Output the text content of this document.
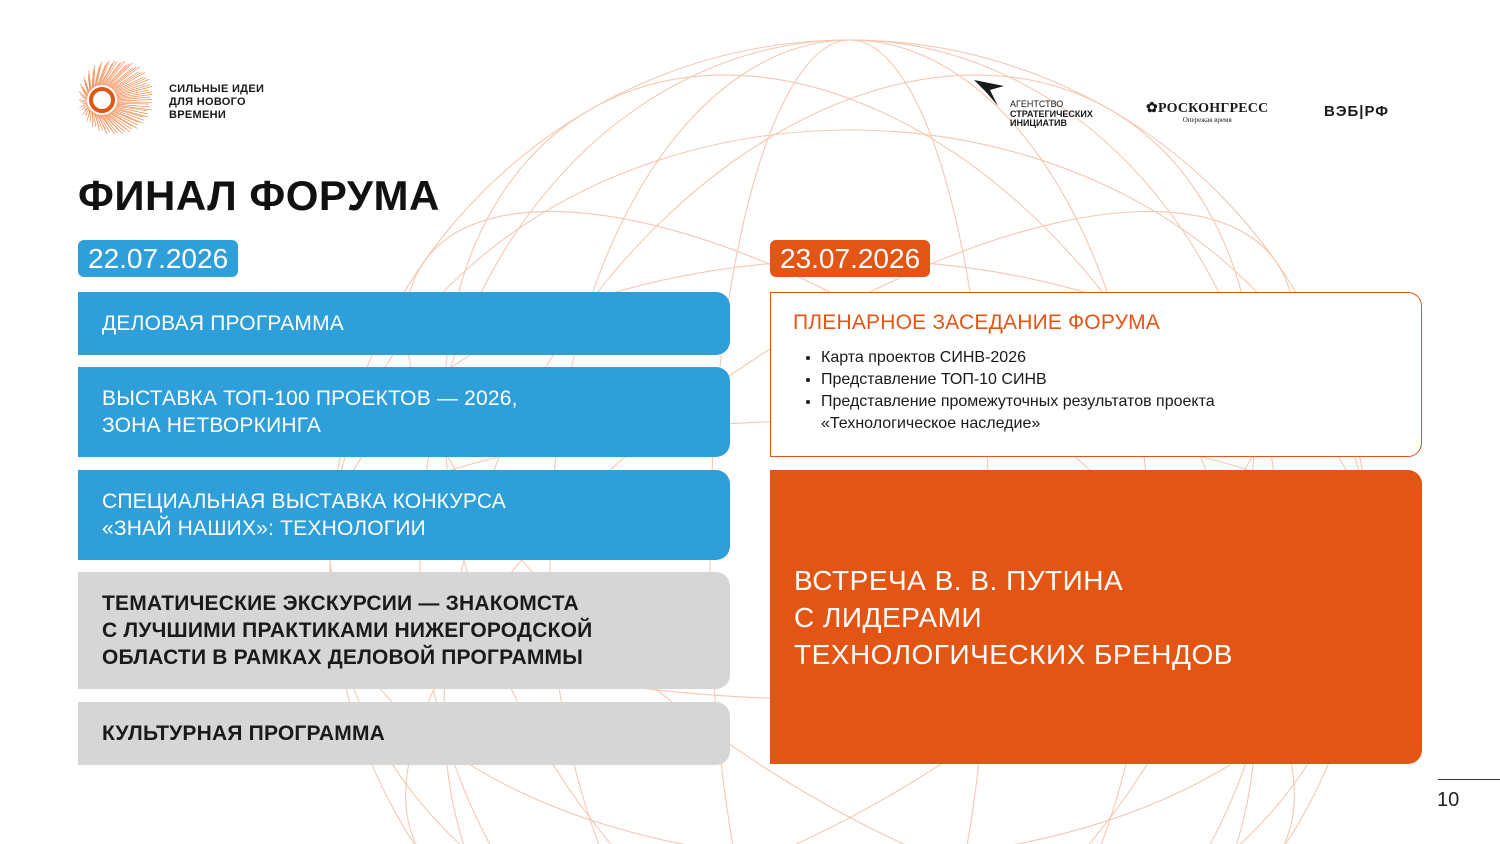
СИЛЬНЫЕ ИДЕИ
ДЛЯ НОВОГО
ВРЕМЕНИ
АГЕНТСТВО
СТРАТЕГИЧЕСКИХ
ИНИЦИАТИВ
✿РОСКОНГРЕСС
Опережая время	ВЭБ|РФ
ФИНАЛ ФОРУМА
22.07.2026	23.07.2026
ДЕЛОВАЯ ПРОГРАММА
ВЫСТАВКА ТОП-100 ПРОЕКТОВ — 2026,
ЗОНА НЕТВОРКИНГА
СПЕЦИАЛЬНАЯ ВЫСТАВКА КОНКУРСА
«ЗНАЙ НАШИХ»: ТЕХНОЛОГИИ
ТЕМАТИЧЕСКИЕ ЭКСКУРСИИ — ЗНАКОМСТА
С ЛУЧШИМИ ПРАКТИКАМИ НИЖЕГОРОДСКОЙ
ОБЛАСТИ В РАМКАХ ДЕЛОВОЙ ПРОГРАММЫ
КУЛЬТУРНАЯ ПРОГРАММА
ПЛЕНАРНОЕ ЗАСЕДАНИЕ ФОРУМА
• Карта проектов СИНВ-2026
• Представление ТОП-10 СИНВ
• Представление промежуточных результатов проекта
«Технологическое наследие»
ВСТРЕЧА В. В. ПУТИНА
С ЛИДЕРАМИ
ТЕХНОЛОГИЧЕСКИХ БРЕНДОВ
10
